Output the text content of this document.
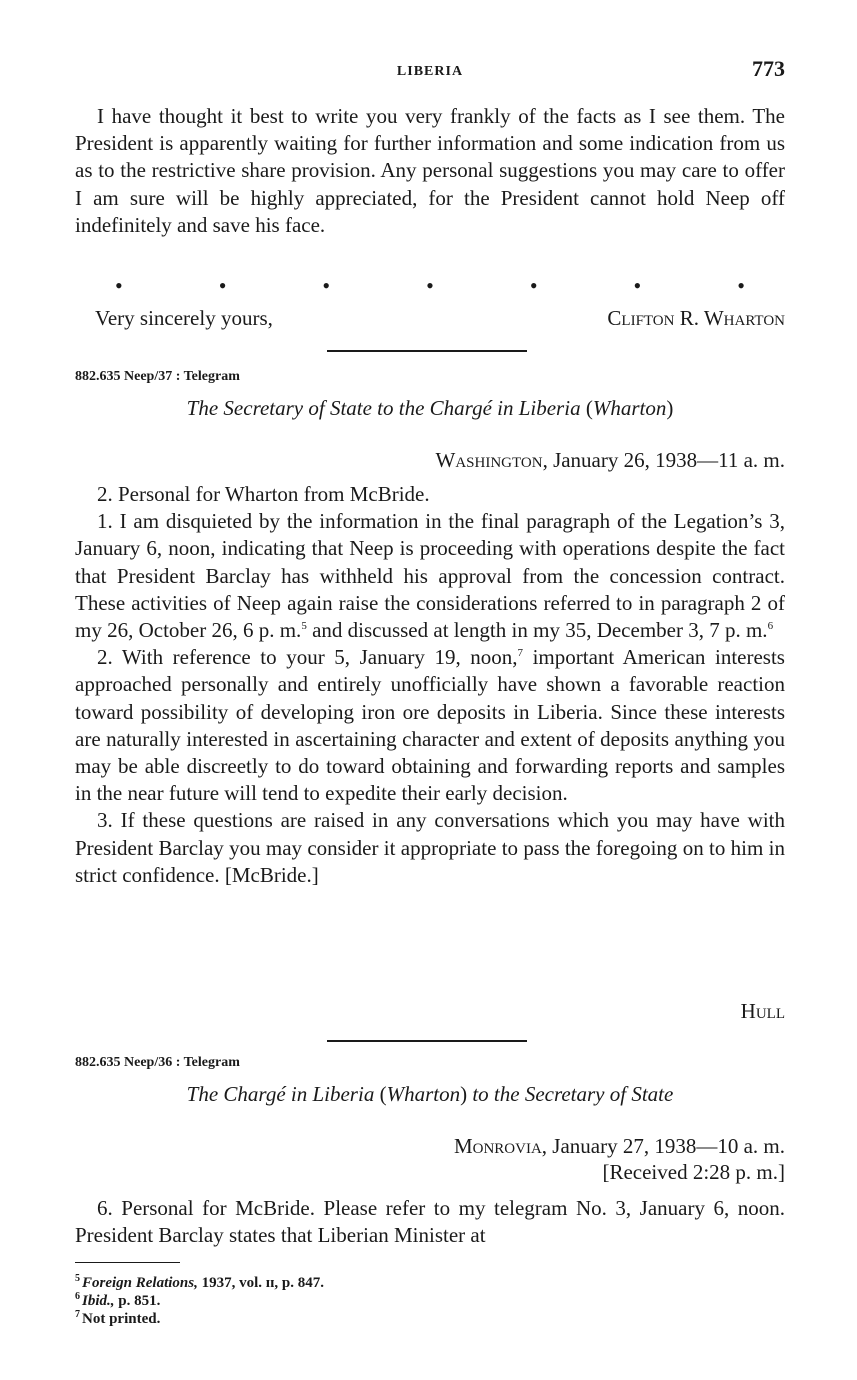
LIBERIA	773

I have thought it best to write you very frankly of the facts as I see them. The President is apparently waiting for further information and some indication from us as to the restrictive share provision. Any personal suggestions you may care to offer I am sure will be highly appreciated, for the President cannot hold Neep off indefinitely and save his face.

•	•	•	•	•	•	•
Very sincerely yours,	Clifton R. Wharton
882.635 Neep/37 : Telegram
The Secretary of State to the Chargé in Liberia (Wharton)
Washington, January 26, 1938—11 a. m.

2. Personal for Wharton from McBride.

1. I am disquieted by the information in the final paragraph of the Legation’s 3, January 6, noon, indicating that Neep is proceeding with operations despite the fact that President Barclay has withheld his approval from the concession contract. These activities of Neep again raise the considerations referred to in paragraph 2 of my 26, October 26, 6 p. m.$^5$ and discussed at length in my 35, December 3, 7 p. m.$^6$

2. With reference to your 5, January 19, noon,$^7$ important American interests approached personally and entirely unofficially have shown a favorable reaction toward possibility of developing iron ore deposits in Liberia. Since these interests are naturally interested in ascertaining character and extent of deposits anything you may be able discreetly to do toward obtaining and forwarding reports and samples in the near future will tend to expedite their early decision.

3. If these questions are raised in any conversations which you may have with President Barclay you may consider it appropriate to pass the foregoing on to him in strict confidence. [McBride.]

Hull
882.635 Neep/36 : Telegram
The Chargé in Liberia (Wharton) to the Secretary of State
Monrovia, January 27, 1938—10 a. m.
[Received 2:28 p. m.]

6. Personal for McBride. Please refer to my telegram No. 3, January 6, noon. President Barclay states that Liberian Minister at

$^5$ Foreign Relations, 1937, vol. ɪɪ, p. 847.
$^6$ Ibid., p. 851.
$^7$ Not printed.
